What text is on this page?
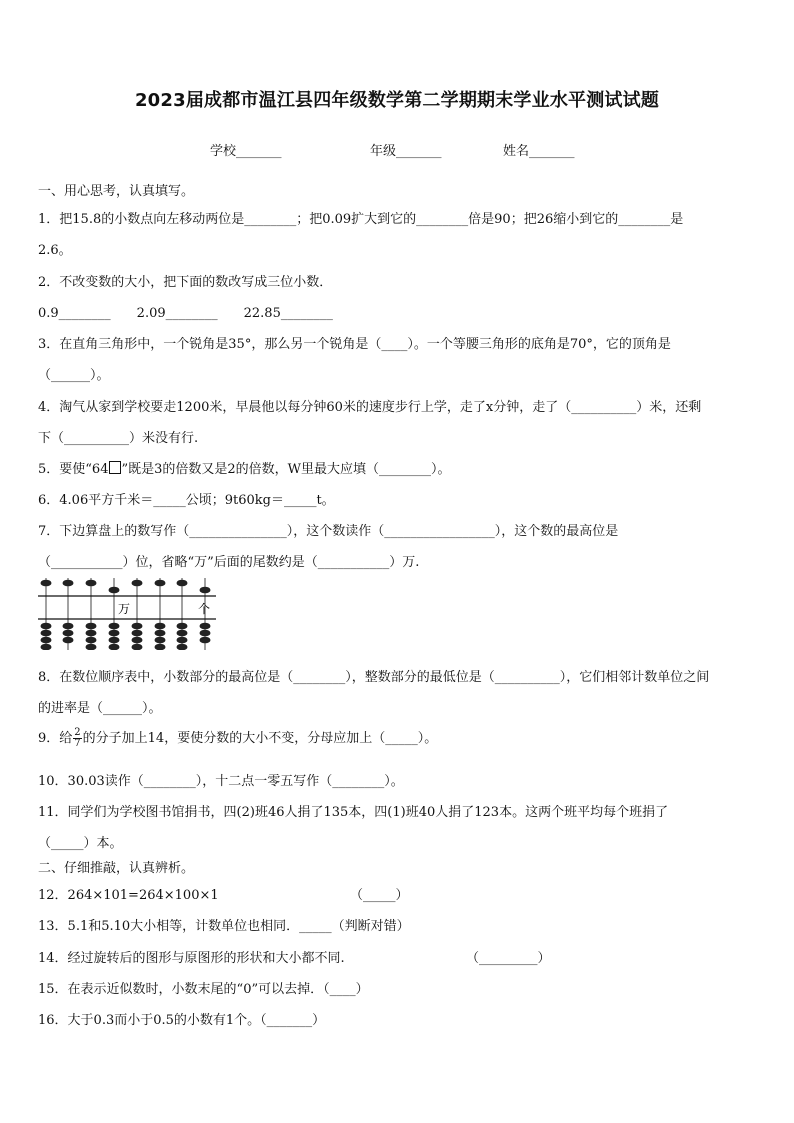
2023届成都市温江县四年级数学第二学期期末学业水平测试试题
学校_______	年级_______	姓名_______
一、用心思考，认真填写。
1．把15.8的小数点向左移动两位是________；把0.09扩大到它的________倍是90；把26缩小到它的________是
2.6。
2．不改变数的大小，把下面的数改写成三位小数．
0.9________　　2.09________　　22.85________
3．在直角三角形中，一个锐角是35°，那么另一个锐角是（____）。一个等腰三角形的底角是70°，它的顶角是
（______）。
4．淘气从家到学校要走1200米，早晨他以每分钟60米的速度步行上学，走了x分钟，走了（__________）米，还剩
下（__________）米没有行.
5．要使“64 ”既是3的倍数又是2的倍数，W里最大应填（________）。
6．4.06平方千米＝_____公顷；9t60kg＝_____t。
7．下边算盘上的数写作（_______________），这个数读作（_________________），这个数的最高位是
（___________）位，省略“万”后面的尾数约是（___________）万.
万	个
8．在数位顺序表中，小数部分的最高位是（________），整数部分的最低位是（__________），它们相邻计数单位之间
的进率是（______）。
9．给 $\frac{2}{7}$ 的分子加上14，要使分数的大小不变，分母应加上（_____）。
10．30.03读作（________），十二点一零五写作（________）。
11．同学们为学校图书馆捐书，四(2)班46人捐了135本，四(1)班40人捐了123本。这两个班平均每个班捐了
（_____）本。
二、仔细推敲，认真辨析。
12．264×101=264×100×1	（_____）
13．5.1和5.10大小相等，计数单位也相同．_____（判断对错）
14．经过旋转后的图形与原图形的形状和大小都不同.	（_________）
15．在表示近似数时，小数末尾的“0”可以去掉．（____）
16．大于0.3而小于0.5的小数有1个。（_______）
